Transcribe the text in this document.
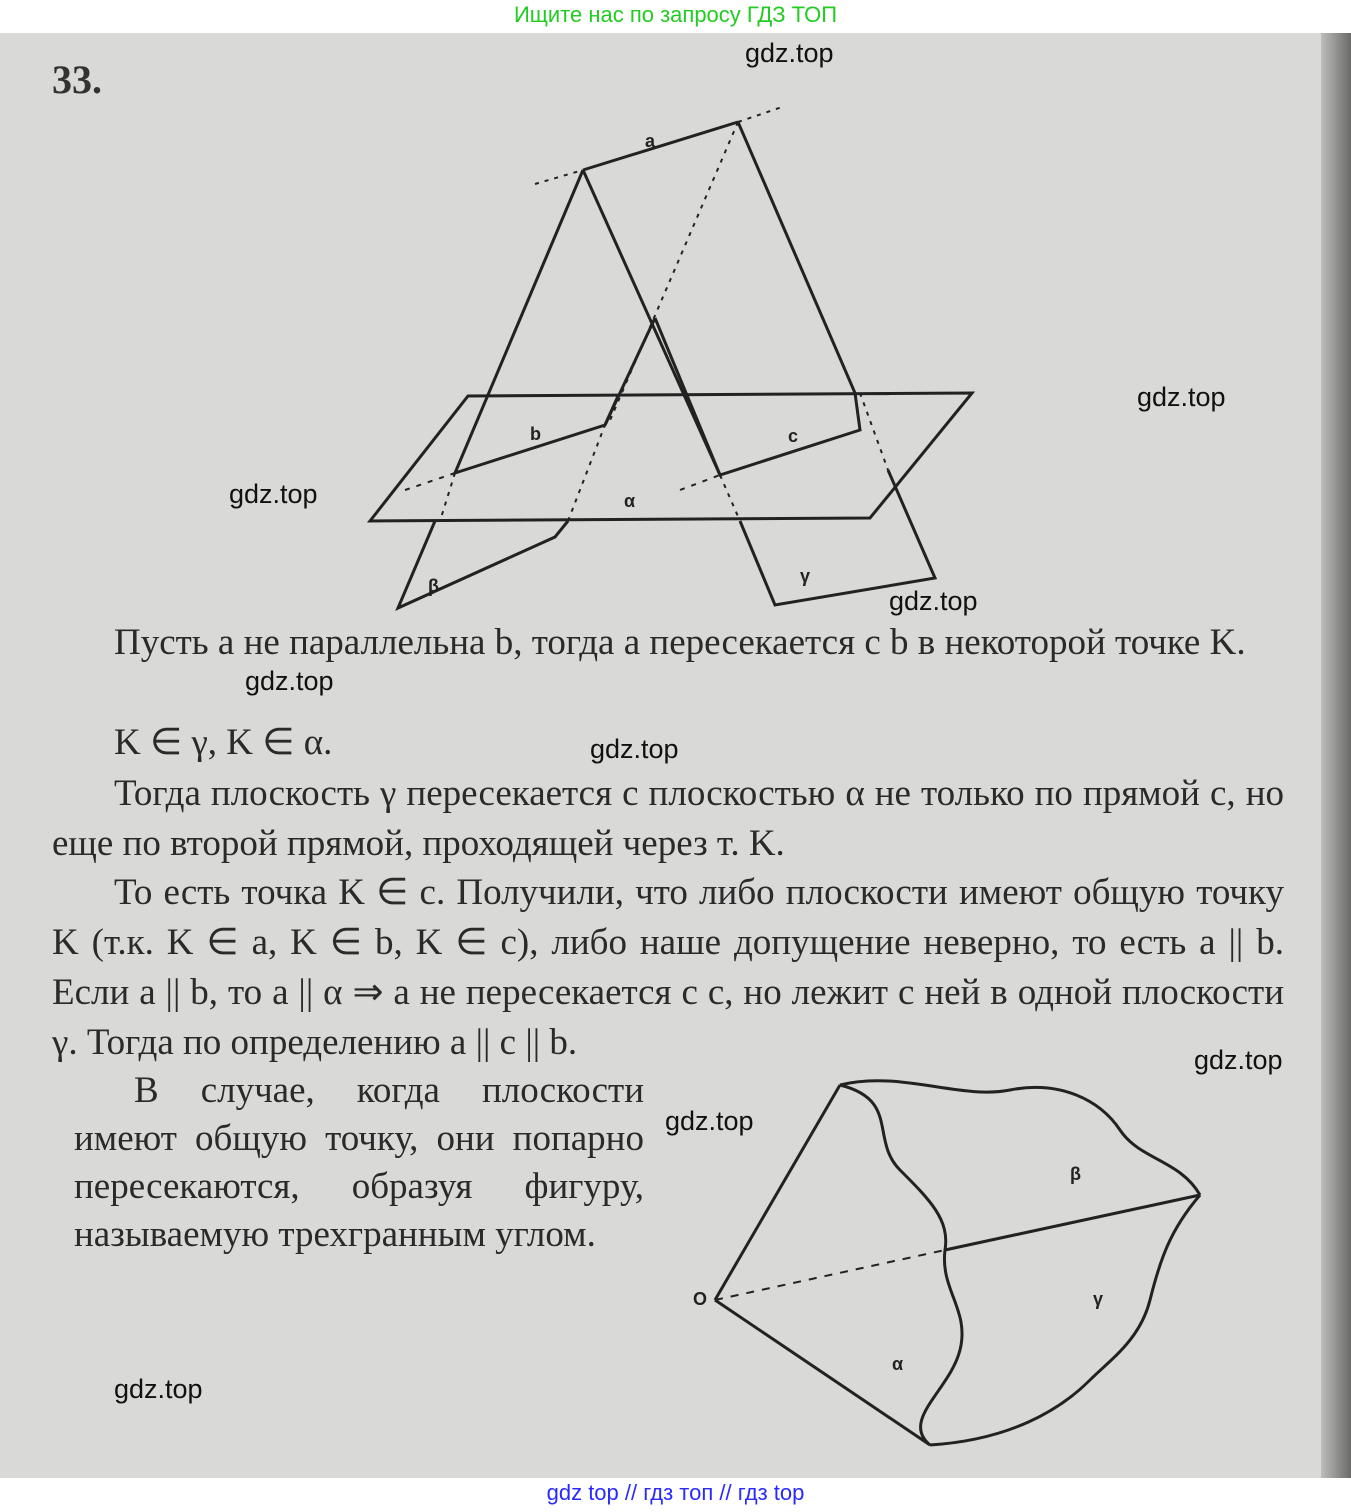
Ищите нас по запросу ГДЗ ТОП
33.
a
b	c
α
β	γ
O
α
β
γ
Пусть a не параллельна b, тогда a пересекается с b в некоторой точке K.
K ∈ γ, K ∈ α.
Тогда плоскость γ пересекается с плоскостью α не только по прямой c, но еще по второй прямой, проходящей через т. K.
То есть точка K ∈ c. Получили, что либо плоскости имеют общую точку K (т.к. K ∈ a, K ∈ b, K ∈ c), либо наше допущение неверно, то есть a || b. Если a || b, то a || α ⇒ a не пересекается с c, но лежит с ней в одной плоскости γ. Тогда по определению a || c || b.
В случае, когда плоскости имеют общую точку, они попарно пересекаются, образуя фигуру, называемую трехгранным углом.
gdz.top
gdz.top
gdz.top
gdz.top
gdz.top
gdz.top
gdz.top
gdz.top
gdz.top
gdz top // гдз топ // гдз top
